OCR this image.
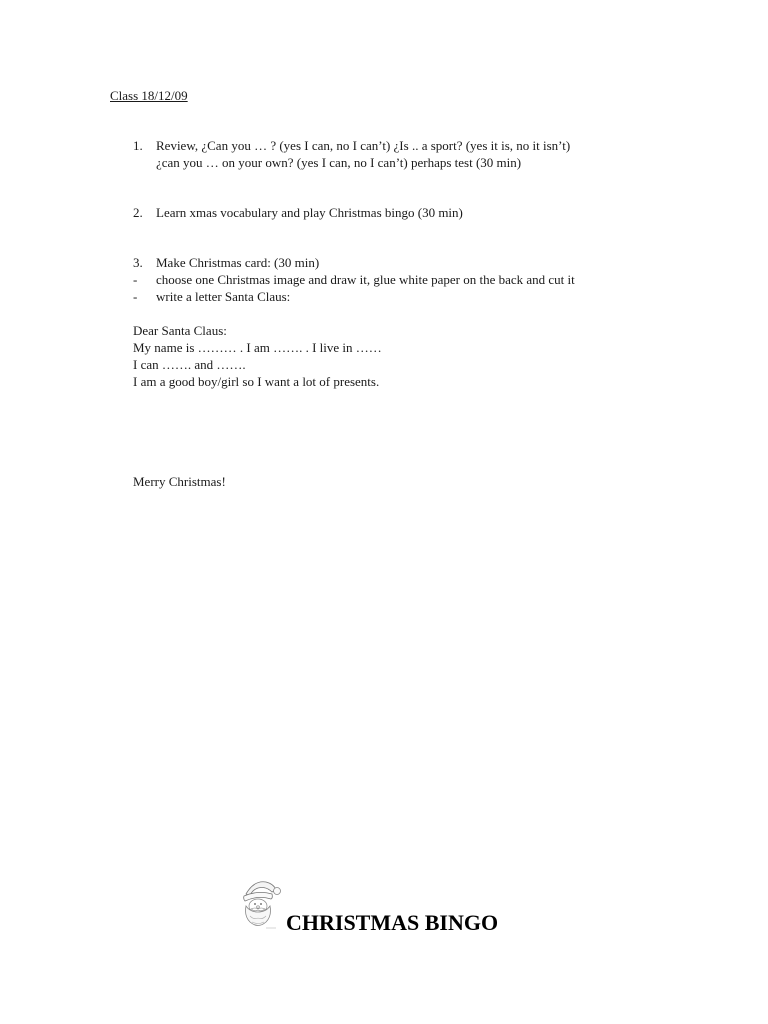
Class 18/12/09
1. Review, ¿Can you … ? (yes I can, no I can’t) ¿Is .. a sport? (yes it is, no it isn’t)
¿can you … on your own? (yes I can, no I can’t) perhaps test (30 min)
2. Learn xmas vocabulary and play Christmas bingo (30 min)
3. Make Christmas card: (30 min)
- choose one Christmas image and draw it, glue white paper on the back and cut it
- write a letter Santa Claus:
Dear Santa Claus:
My name is ……… . I am ……. . I live in ……
I can ……. and …….
I am a good boy/girl so I want a lot of presents.
Merry Christmas!
CHRISTMAS BINGO
